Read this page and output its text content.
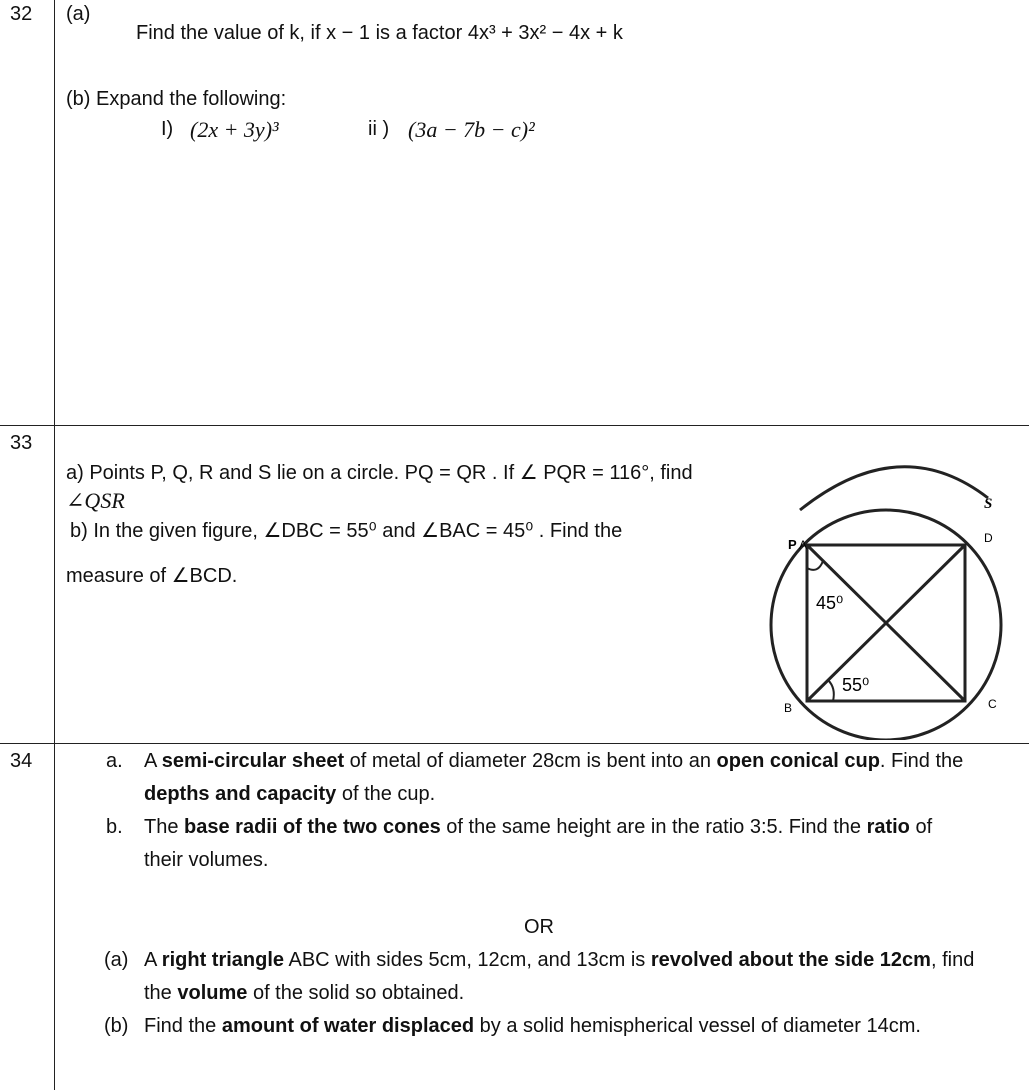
32 (a)
Find the value of k, if x − 1 is a factor 4x³ + 3x² − 4x + k
(b) Expand the following:
I) (2x + 3y)³	ii ) (3a − 7b − c)²
33
a) Points P, Q, R and S lie on a circle. PQ = QR . If ∠ PQR = 116°, find
∠QSR
b) In the given figure, ∠DBC = 55⁰ and ∠BAC = 45⁰ . Find the
measure of ∠BCD.
S
P A	D
B	C
45⁰
55⁰
34	a. A semi-circular sheet of metal of diameter 28cm is bent into an open conical cup. Find the
depths and capacity of the cup.
b. The base radii of the two cones of the same height are in the ratio 3:5. Find the ratio of
their volumes.
OR
(a) A right triangle ABC with sides 5cm, 12cm, and 13cm is revolved about the side 12cm, find
the volume of the solid so obtained.
(b) Find the amount of water displaced by a solid hemispherical vessel of diameter 14cm.
